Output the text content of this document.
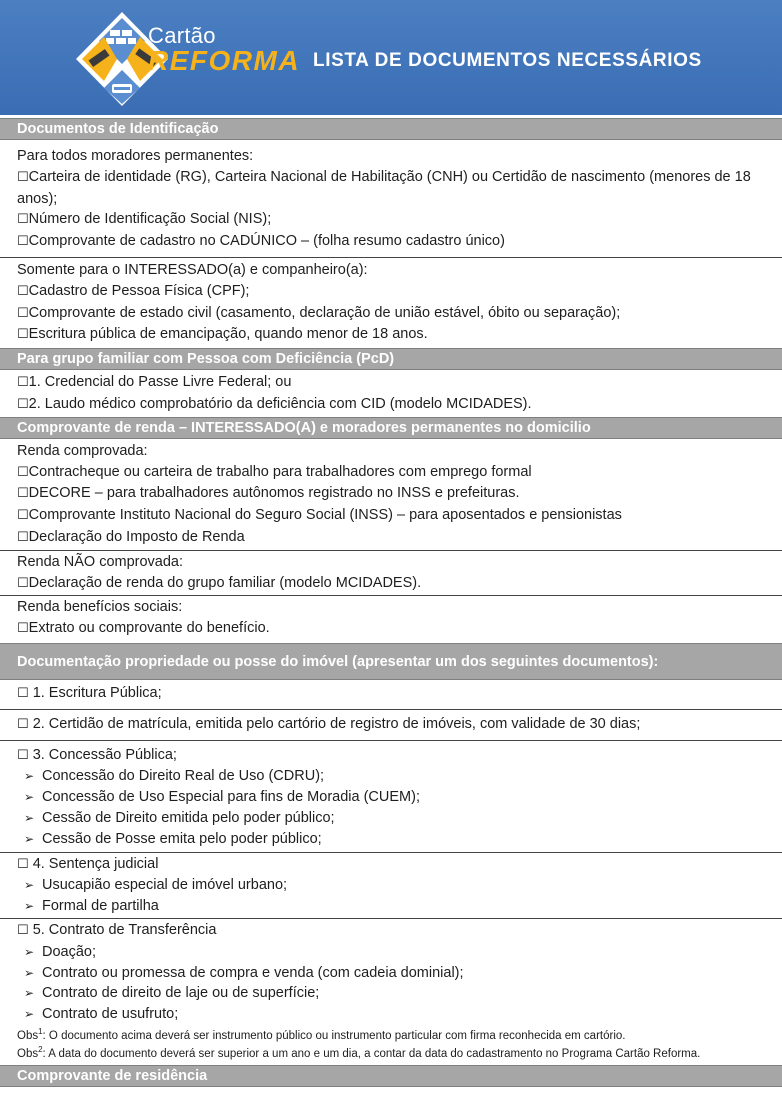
Cartão
REFORMA LISTA DE DOCUMENTOS NECESSÁRIOS
Documentos de Identificação
Para todos moradores permanentes:
☐Carteira de identidade (RG), Carteira Nacional de Habilitação (CNH) ou Certidão de nascimento (menores de 18 anos);
☐Número de Identificação Social (NIS);
☐Comprovante de cadastro no CADÚNICO – (folha resumo cadastro único)
Somente para o INTERESSADO(a) e companheiro(a):
☐Cadastro de Pessoa Física (CPF);
☐Comprovante de estado civil (casamento, declaração de união estável, óbito ou separação);
☐Escritura pública de emancipação, quando menor de 18 anos.
Para grupo familiar com Pessoa com Deficiência (PcD)
☐1. Credencial do Passe Livre Federal; ou
☐2. Laudo médico comprobatório da deficiência com CID (modelo MCIDADES).
Comprovante de renda – INTERESSADO(A) e moradores permanentes no domicilio
Renda comprovada:
☐Contracheque ou carteira de trabalho para trabalhadores com emprego formal
☐DECORE – para trabalhadores autônomos registrado no INSS e prefeituras.
☐Comprovante Instituto Nacional do Seguro Social (INSS) – para aposentados e pensionistas
☐Declaração do Imposto de Renda
Renda NÃO comprovada:
☐Declaração de renda do grupo familiar (modelo MCIDADES).
Renda benefícios sociais:
☐Extrato ou comprovante do benefício.
Documentação propriedade ou posse do imóvel (apresentar um dos seguintes documentos):
☐ 1. Escritura Pública;
☐ 2. Certidão de matrícula, emitida pelo cartório de registro de imóveis, com validade de 30 dias;
☐ 3. Concessão Pública;
➢ Concessão do Direito Real de Uso (CDRU);
➢ Concessão de Uso Especial para fins de Moradia (CUEM);
➢ Cessão de Direito emitida pelo poder público;
➢ Cessão de Posse emita pelo poder público;
☐ 4. Sentença judicial
➢ Usucapião especial de imóvel urbano;
➢ Formal de partilha
☐ 5. Contrato de Transferência
➢ Doação;
➢ Contrato ou promessa de compra e venda (com cadeia dominial);
➢ Contrato de direito de laje ou de superfície;
➢ Contrato de usufruto;
Obs$^1$: O documento acima deverá ser instrumento público ou instrumento particular com firma reconhecida em cartório.
Obs$^2$: A data do documento deverá ser superior a um ano e um dia, a contar da data do cadastramento no Programa Cartão Reforma.
Comprovante de residência
